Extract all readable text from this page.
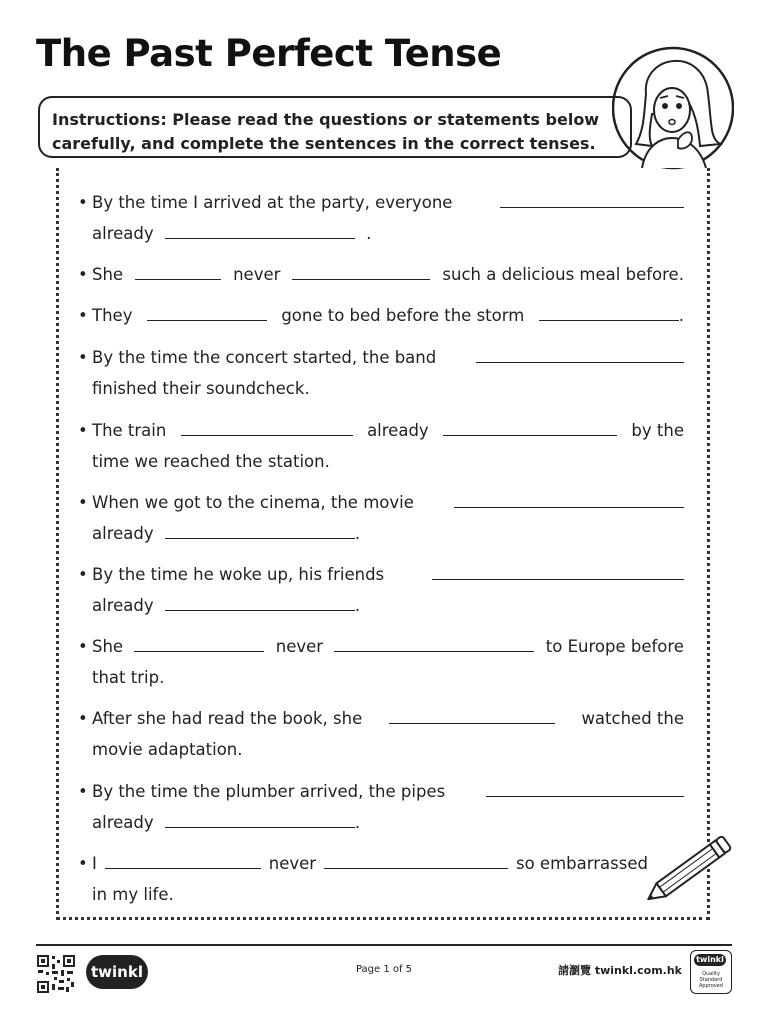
The Past Perfect Tense
Instructions: Please read the questions or statements below carefully, and complete the sentences in the correct tenses.
• By the time I arrived at the party, everyone
already	.
• She	never	such a delicious meal before.
• They	gone to bed before the storm	.
• By the time the concert started, the band
finished their soundcheck.
• The train	already	by the
time we reached the station.
• When we got to the cinema, the movie
already	.
• By the time he woke up, his friends
already	.
• She	never	to Europe before
that trip.
• After she had read the book, she	watched the
movie adaptation.
• By the time the plumber arrived, the pipes
already	.
• I	never	so embarrassed
in my life.
twinkl	Page 1 of 5	請瀏覽 twinkl.com.hk
twinkl
Quality Standard Approved
